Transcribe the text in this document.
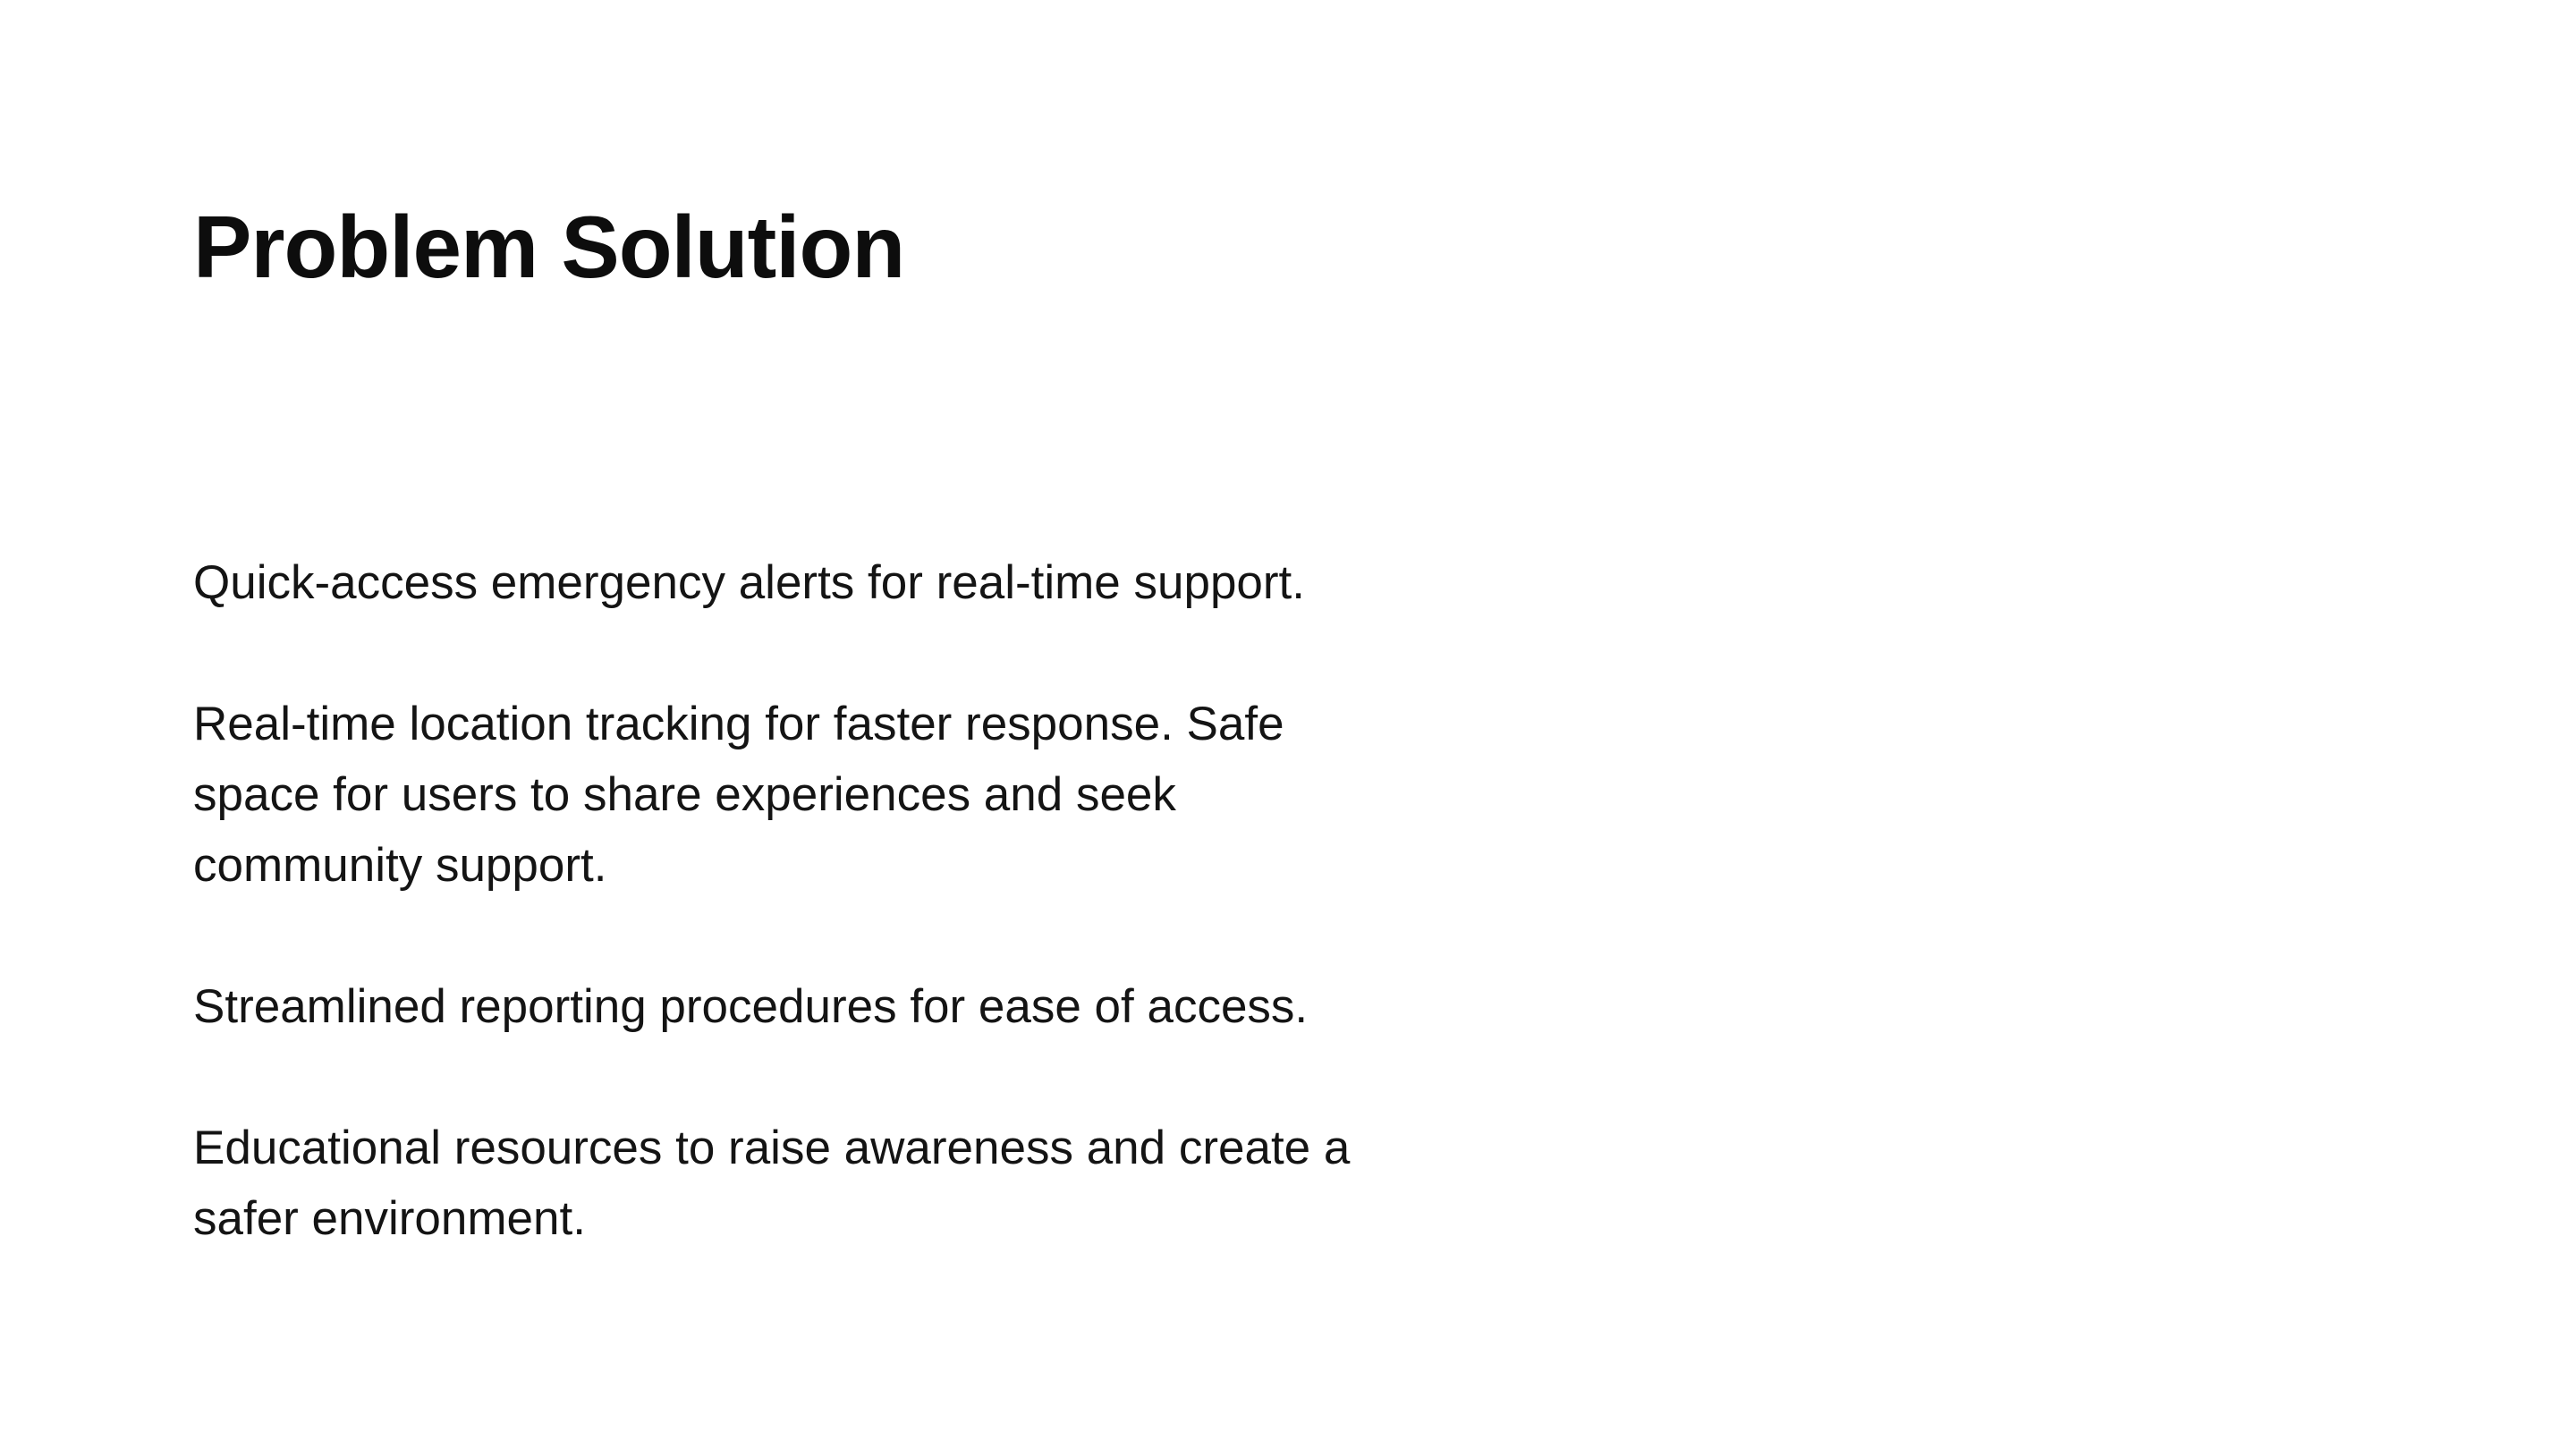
Problem Solution

Quick-access emergency alerts for real-time support.

Real-time location tracking for faster response. Safe space for users to share experiences and seek community support.

Streamlined reporting procedures for ease of access.

Educational resources to raise awareness and create a safer environment.
